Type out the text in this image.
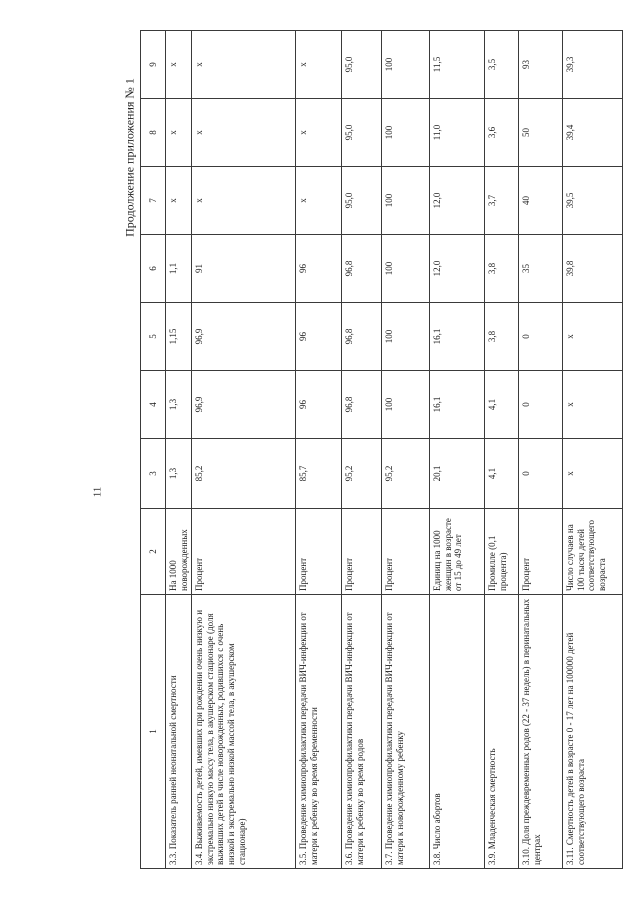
11
Продолжение приложения № 1
1	2	3	4	5	6	7	8	9
3.3. Показатель ранней неонатальной смертности	На 1000 новорожденных	1,3	1,3	1,15	1,1	х	х	х
3.4. Выживаемость детей, имевших при рождении очень низкую и экстремально низкую массу тела, в акушерском стационаре (доля выживших детей в числе новорожденных, родившихся с очень низкой и экстремально низкой массой тела, в акушерском стационаре)	Процент	85,2	96,9	96,9	91	х	х	х
3.5. Проведение химиопрофилактики передачи ВИЧ-инфекции от матери к ребенку во время беременности	Процент	85,7	96	96	96	х	х	х
3.6. Проведение химиопрофилактики передачи ВИЧ-инфекции от матери к ребенку во время родов	Процент	95,2	96,8	96,8	96,8	95,0	95,0	95,0
3.7. Проведение химиопрофилактики передачи ВИЧ-инфекции от матери к новорожденному ребенку	Процент	95,2	100	100	100	100	100	100
3.8. Число абортов	Единиц на 1000 женщин в возрасте от 15 до 49 лет	20,1	16,1	16,1	12,0	12,0	11,0	11,5
3.9. Младенческая смертность	Промилле (0,1 процента)	4,1	4,1	3,8	3,8	3,7	3,6	3,5
3.10. Доля преждевременных родов (22 - 37 недель) в перинатальных центрах	Процент	0	0	0	35	40	50	93
3.11. Смертность детей в возрасте 0 - 17 лет на 100000 детей соответствующего возраста	Число случаев на 100 тысяч детей соответствующего возраста	х	х	х	39,8	39,5	39,4	39,3
